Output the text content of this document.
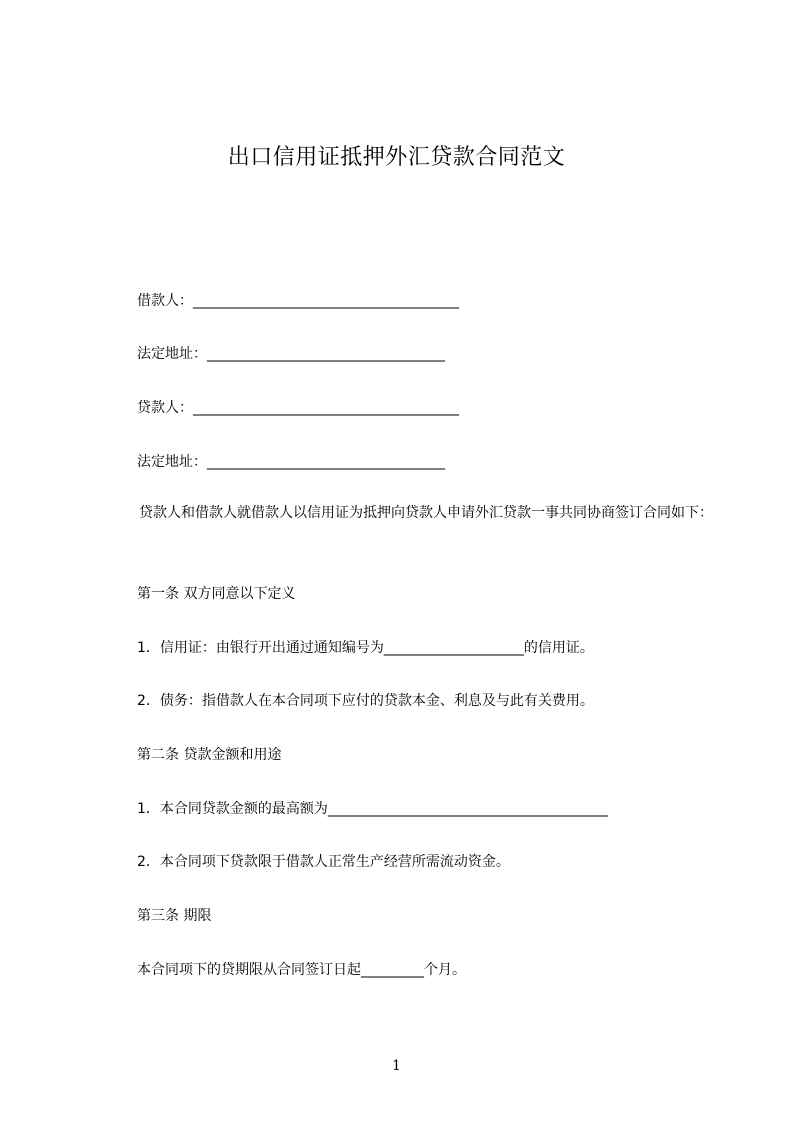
出口信用证抵押外汇贷款合同范文
借款人：______________________________________
法定地址：__________________________________
贷款人：______________________________________
法定地址：__________________________________
贷款人和借款人就借款人以信用证为抵押向贷款人申请外汇贷款一事共同协商签订合同如下：
第一条 双方同意以下定义
1．信用证：由银行开出通过通知编号为____________________的信用证。
2．债务：指借款人在本合同项下应付的贷款本金、利息及与此有关费用。
第二条 贷款金额和用途
1．本合同贷款金额的最高额为________________________________________
2．本合同项下贷款限于借款人正常生产经营所需流动资金。
第三条 期限
本合同项下的贷期限从合同签订日起_________个月。
1
